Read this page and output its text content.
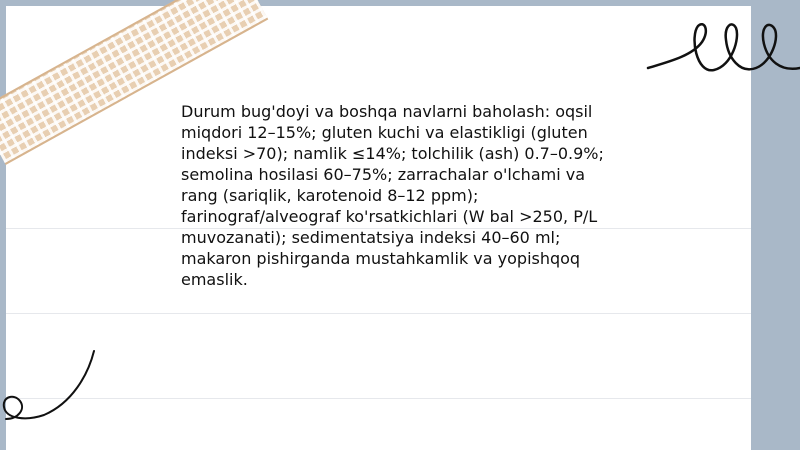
Durum bug'doyi va boshqa navlarni baholash: oqsil miqdori 12–15%; gluten kuchi va elastikligi (gluten indeksi >70); namlik ≤14%; tolchilik (ash) 0.7–0.9%; semolina hosilasi 60–75%; zarrachalar o'lchami va rang (sariqlik, karotenoid 8–12 ppm); farinograf/alveograf ko'rsatkichlari (W bal >250, P/L muvozanati); sedimentatsiya indeksi 40–60 ml; makaron pishirganda mustahkamlik va yopishqoq emaslik.
